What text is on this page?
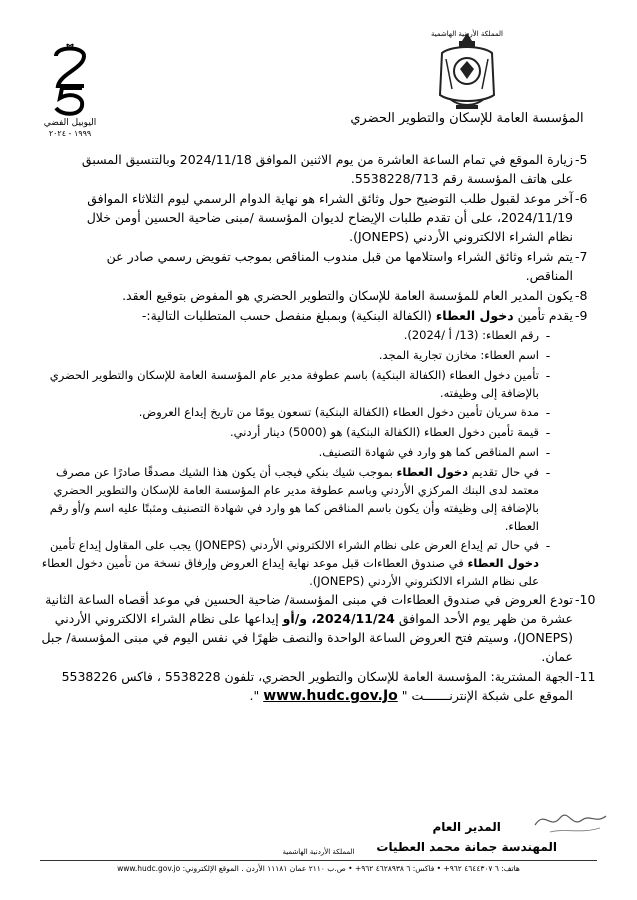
اليوبيل الفضي
١٩٩٩ - ٢٠٢٤
المملكة الأردنية الهاشمية
المؤسسة العامة للإسكان والتطوير الحضري
-5
زيارة الموقع في تمام الساعة العاشرة من يوم الاثنين الموافق 2024/11/18 وبالتنسيق المسبق
على هاتف المؤسسة رقم 5538228/713.
-6
آخر موعد لقبول طلب التوضيح حول وثائق الشراء هو نهاية الدوام الرسمي ليوم الثلاثاء الموافق
2024/11/19، على أن تقدم طلبات الإيضاح لديوان المؤسسة /مبنى ضاحية الحسين أومن خلال
نظام الشراء الالكتروني الأردني (JONEPS).
-7
يتم شراء وثائق الشراء واستلامها من قبل مندوب المناقص بموجب تفويض رسمي صادر عن
المناقص.
-8
يكون المدير العام للمؤسسة العامة للإسكان والتطوير الحضري هو المفوض بتوقيع العقد.
-9
يقدم تأمين دخول العطاء (الكفالة البنكية) وبمبلغ منفصل حسب المتطلبات التالية:-
-
رقم العطاء: (13/ أ /2024).
-
اسم العطاء: مخازن تجارية المجد.
-
تأمين دخول العطاء (الكفالة البنكية) باسم عطوفة مدير عام المؤسسة العامة للإسكان والتطوير الحضري بالإضافة إلى وظيفته.
-
مدة سريان تأمين دخول العطاء (الكفالة البنكية) تسعون يومًا من تاريخ إيداع العروض.
-
قيمة تأمين دخول العطاء (الكفالة البنكية) هو (5000) دينار أردني.
-
اسم المناقص كما هو وارد في شهادة التصنيف.
-
في حال تقديم دخول العطاء بموجب شيك بنكي فيجب أن يكون هذا الشيك مصدقًا صادرًا عن مصرف معتمد لدى البنك المركزي الأردني وباسم عطوفة مدير عام المؤسسة العامة للإسكان والتطوير الحضري بالإضافة إلى وظيفته وأن يكون باسم المناقص كما هو وارد في شهادة التصنيف ومثبتًا عليه اسم و/أو رقم العطاء.
-
في حال تم إيداع العرض على نظام الشراء الالكتروني الأردني (JONEPS) يجب على المقاول إيداع تأمين دخول العطاء في صندوق العطاءات قبل موعد نهاية إيداع العروض وإرفاق نسخة من تأمين دخول العطاء على نظام الشراء الالكتروني الأردني (JONEPS).
-10
تودع العروض في صندوق العطاءات في مبنى المؤسسة/ ضاحية الحسين في موعد أقصاه الساعة الثانية عشرة من ظهر يوم الأحد الموافق 2024/11/24، و/أو إيداعها على نظام الشراء الالكتروني الأردني (JONEPS)، وسيتم فتح العروض الساعة الواحدة والنصف ظهرًا في نفس اليوم في مبنى المؤسسة/ جبل عمان.
-11
الجهة المشترية: المؤسسة العامة للإسكان والتطوير الحضري، تلفون 5538228 ، فاكس 5538226 الموقع على شبكة الإنترنـــــــت " www.hudc.gov.Jo ".
المدير العام
المهندسة جمانة محمد العطيات
المملكة الأردنية الهاشمية
هاتف: ٦ ٤٦٤٤٣٠٧ ٩٦٢+ • فاكس: ٦ ٤٦٢٨٩٣٨ ٩٦٢+ • ص.ب ٢١١٠ عمان ١١١٨١ الأردن . الموقع الإلكتروني: www.hudc.gov.jo
